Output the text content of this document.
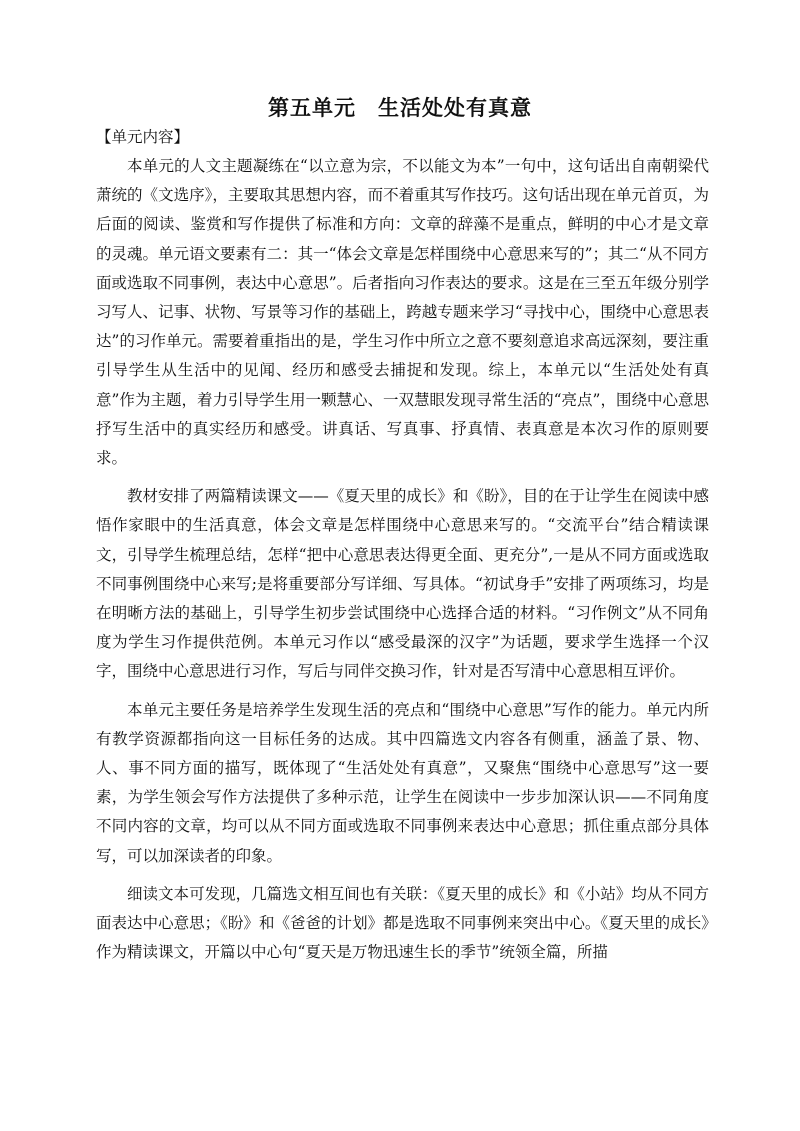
第五单元　生活处处有真意

【单元内容】

本单元的人文主题凝练在“以立意为宗，不以能文为本”一句中，这句话出自南朝梁代萧统的《文选序》，主要取其思想内容，而不着重其写作技巧。这句话出现在单元首页，为后面的阅读、鉴赏和写作提供了标准和方向：文章的辞藻不是重点，鲜明的中心才是文章的灵魂。单元语文要素有二：其一“体会文章是怎样围绕中心意思来写的”；其二“从不同方面或选取不同事例，表达中心意思”。后者指向习作表达的要求。这是在三至五年级分别学习写人、记事、状物、写景等习作的基础上，跨越专题来学习“寻找中心，围绕中心意思表达”的习作单元。需要着重指出的是，学生习作中所立之意不要刻意追求高远深刻，要注重引导学生从生活中的见闻、经历和感受去捕捉和发现。综上，本单元以“生活处处有真意”作为主题，着力引导学生用一颗慧心、一双慧眼发现寻常生活的“亮点”，围绕中心意思抒写生活中的真实经历和感受。讲真话、写真事、抒真情、表真意是本次习作的原则要求。

教材安排了两篇精读课文——《夏天里的成长》和《盼》，目的在于让学生在阅读中感悟作家眼中的生活真意，体会文章是怎样围绕中心意思来写的。“交流平台”结合精读课文，引导学生梳理总结，怎样“把中心意思表达得更全面、更充分”,一是从不同方面或选取不同事例围绕中心来写;是将重要部分写详细、写具体。“初试身手”安排了两项练习，均是在明晰方法的基础上，引导学生初步尝试围绕中心选择合适的材料。“习作例文”从不同角度为学生习作提供范例。本单元习作以“感受最深的汉字”为话题，要求学生选择一个汉字，围绕中心意思进行习作，写后与同伴交换习作，针对是否写清中心意思相互评价。

本单元主要任务是培养学生发现生活的亮点和“围绕中心意思”写作的能力。单元内所有教学资源都指向这一目标任务的达成。其中四篇选文内容各有侧重，涵盖了景、物、人、事不同方面的描写，既体现了“生活处处有真意”，又聚焦“围绕中心意思写”这一要素，为学生领会写作方法提供了多种示范，让学生在阅读中一步步加深认识——不同角度不同内容的文章，均可以从不同方面或选取不同事例来表达中心意思；抓住重点部分具体写，可以加深读者的印象。

细读文本可发现，几篇选文相互间也有关联：《夏天里的成长》和《小站》均从不同方面表达中心意思；《盼》和《爸爸的计划》都是选取不同事例来突出中心。《夏天里的成长》作为精读课文，开篇以中心句“夏天是万物迅速生长的季节”统领全篇，所描
